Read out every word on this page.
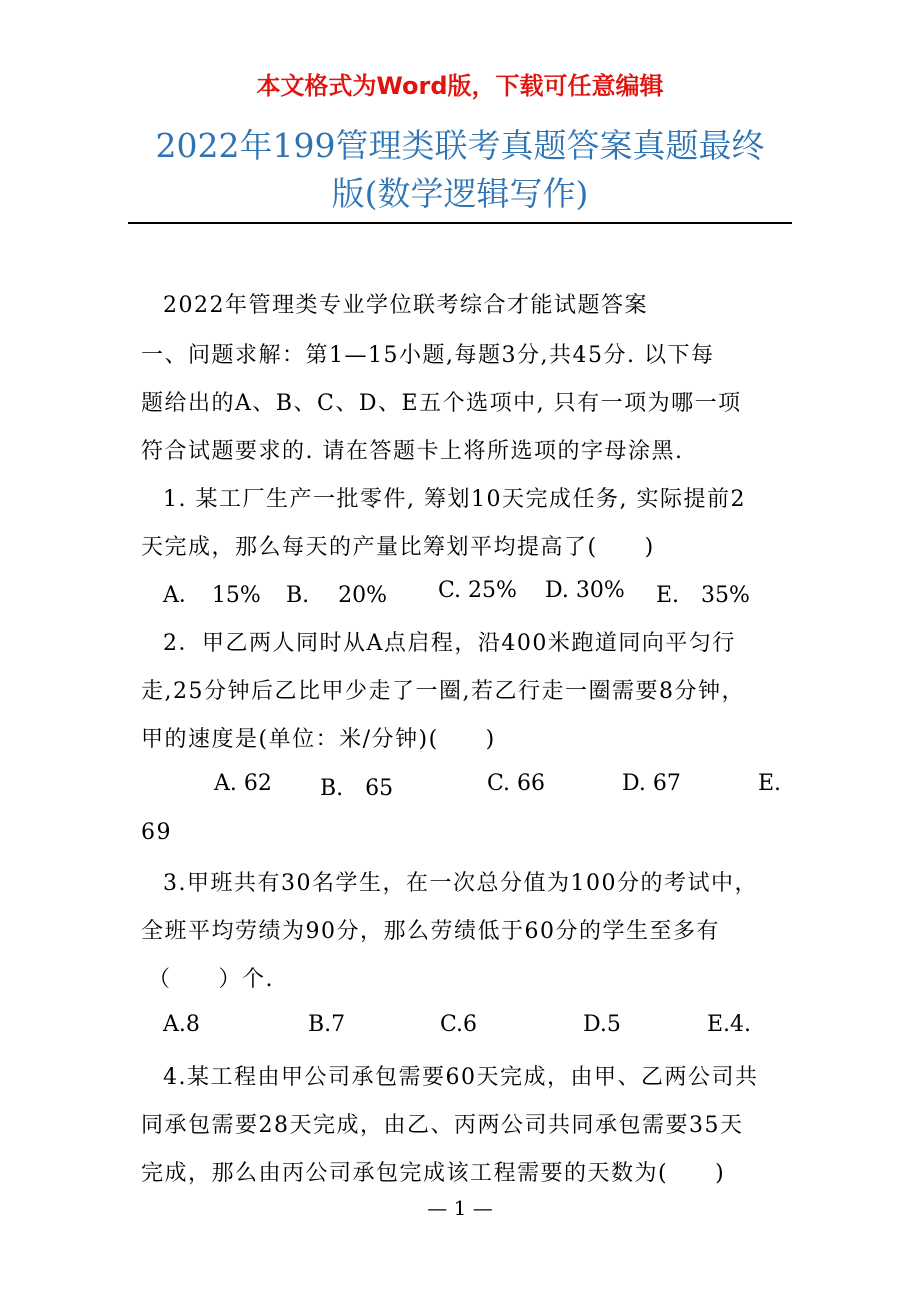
本文格式为Word版，下载可任意编辑
2022年199管理类联考真题答案真题最终
版(数学逻辑写作)
2022年管理类专业学位联考综合才能试题答案
一、问题求解：第1—15小题,每题3分,共45分. 以下每
题给出的A、B、C、D、E五个选项中, 只有一项为哪一项
符合试题要求的. 请在答题卡上将所选项的字母涂黑.
1. 某工厂生产一批零件, 筹划10天完成任务, 实际提前2
天完成，那么每天的产量比筹划平均提高了(　　)
A．　15% B.　 20% C. 25% D. 30% E.　35%
2．甲乙两人同时从A点启程，沿400米跑道同向平匀行
走,25分钟后乙比甲少走了一圈,若乙行走一圈需要8分钟，
甲的速度是(单位：米/分钟)(　　)
A. 62 B.　65	C. 66	D. 67	E.
69
3.甲班共有30名学生，在一次总分值为100分的考试中，
全班平均劳绩为90分，那么劳绩低于60分的学生至多有
（　　）个.
A.8	B.7	C.6	D.5	E.4.
4.某工程由甲公司承包需要60天完成，由甲、乙两公司共
同承包需要28天完成，由乙、丙两公司共同承包需要35天
完成，那么由丙公司承包完成该工程需要的天数为(　　)
— 1 —
